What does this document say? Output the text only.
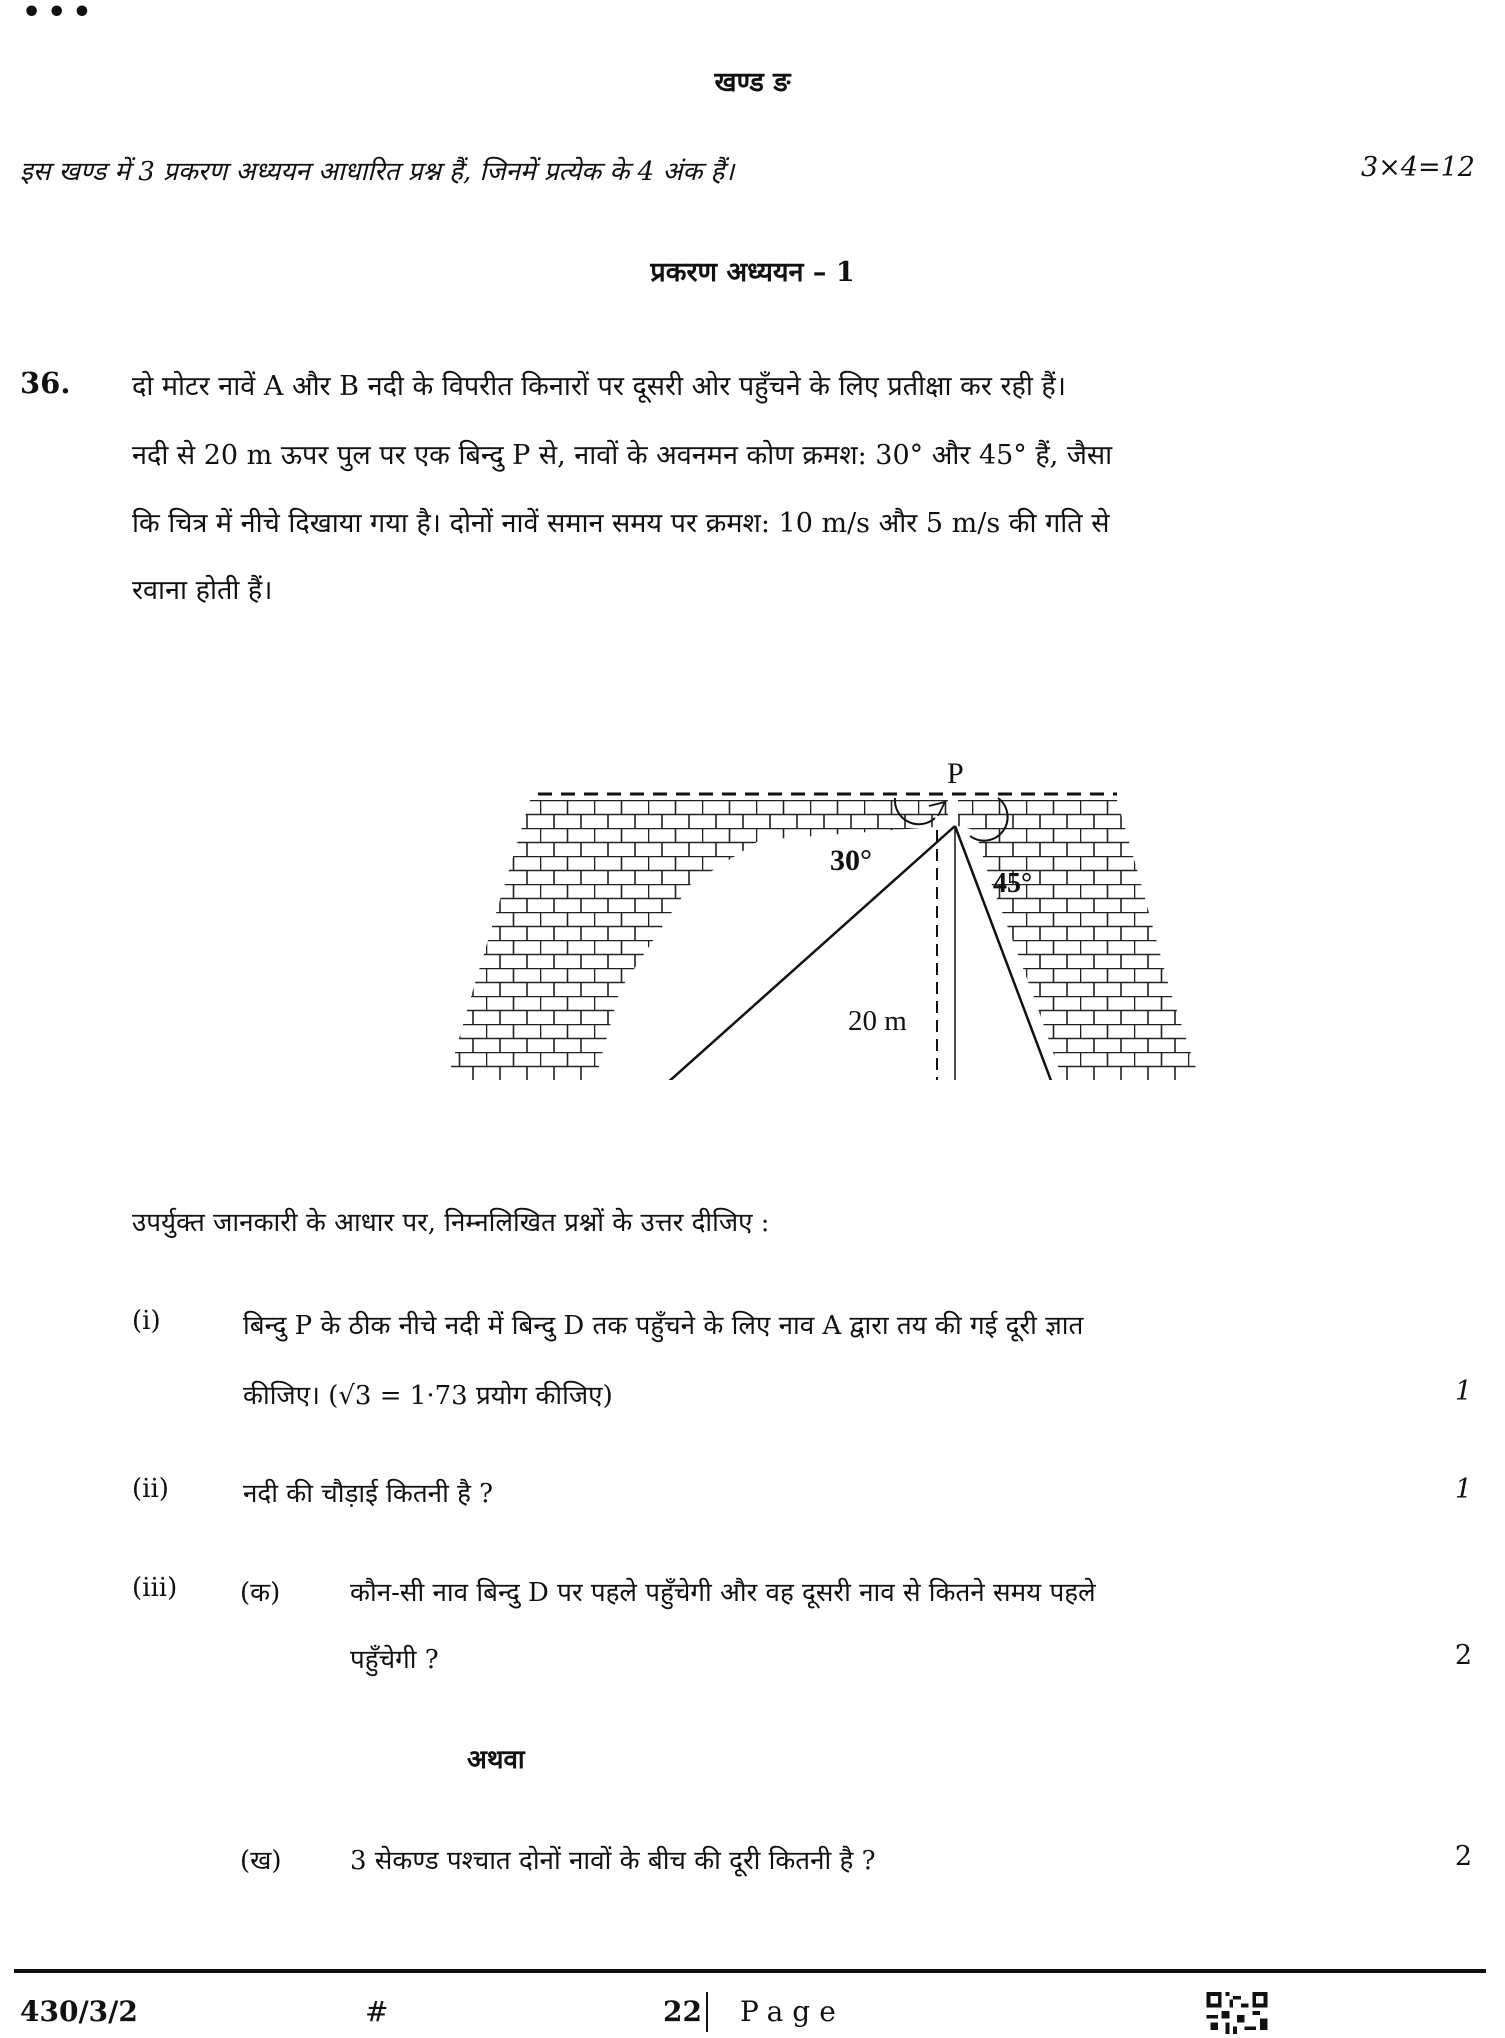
•••
खण्ड ङ
इस खण्ड में 3 प्रकरण अध्ययन आधारित प्रश्न हैं, जिनमें प्रत्येक के 4 अंक हैं।	3×4=12
प्रकरण अध्ययन – 1
36. दो मोटर नावें A और B नदी के विपरीत किनारों पर दूसरी ओर पहुँचने के लिए प्रतीक्षा कर रही हैं।
नदी से 20 m ऊपर पुल पर एक बिन्दु P से, नावों के अवनमन कोण क्रमश: 30° और 45° हैं, जैसा
कि चित्र में नीचे दिखाया गया है। दोनों नावें समान समय पर क्रमश: 10 m/s और 5 m/s की गति से
रवाना होती हैं।
P
30°
45°
20 m
उपर्युक्त जानकारी के आधार पर, निम्नलिखित प्रश्नों के उत्तर दीजिए :
(i)	बिन्दु P के ठीक नीचे नदी में बिन्दु D तक पहुँचने के लिए नाव A द्वारा तय की गई दूरी ज्ञात
कीजिए। (√3 = 1·73 प्रयोग कीजिए)	1
(ii)	नदी की चौड़ाई कितनी है ?	1
(iii) (क)	कौन-सी नाव बिन्दु D पर पहले पहुँचेगी और वह दूसरी नाव से कितने समय पहले
पहुँचेगी ?	2
अथवा
(ख)	3 सेकण्ड पश्चात दोनों नावों के बीच की दूरी कितनी है ?	2
430/3/2	#	22 Page
